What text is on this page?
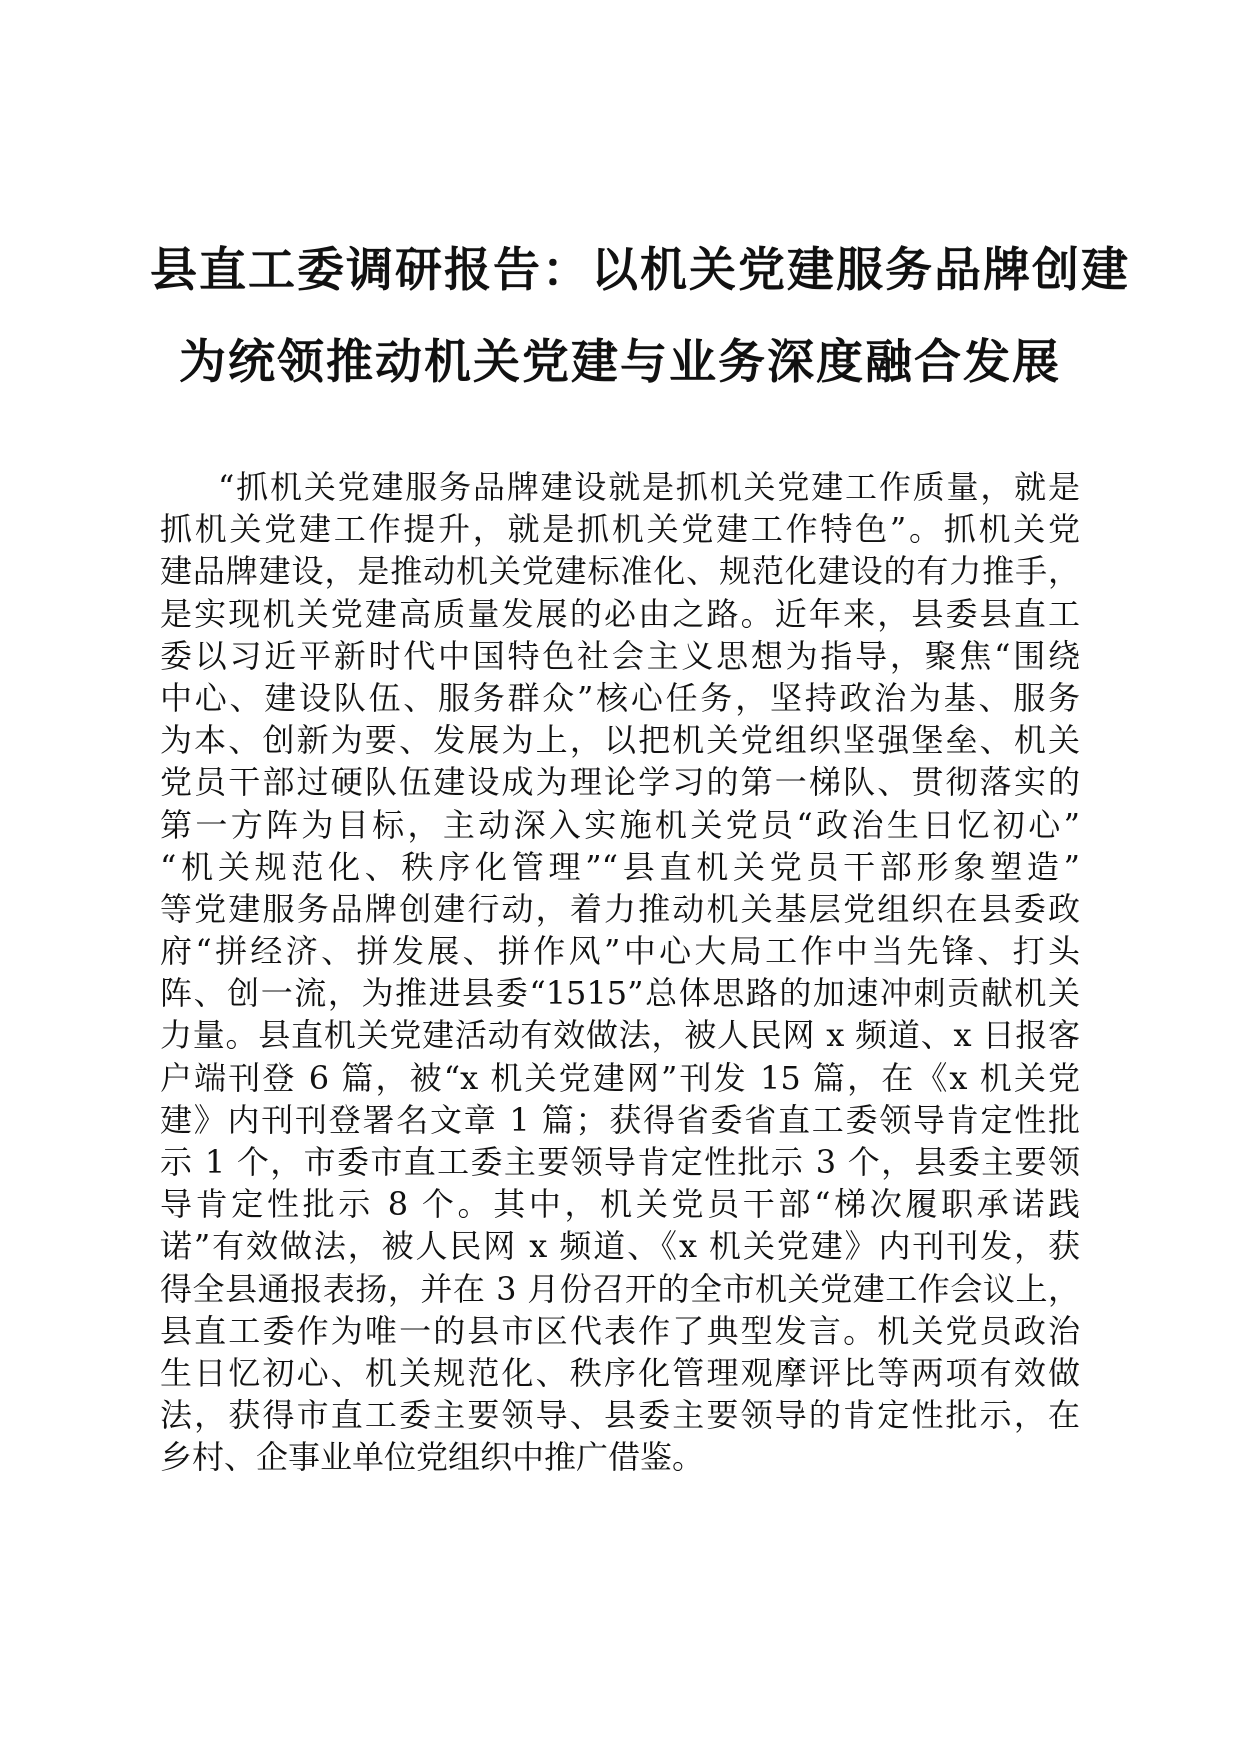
县直工委调研报告：以机关党建服务品牌创建
为统领推动机关党建与业务深度融合发展
“抓机关党建服务品牌建设就是抓机关党建工作质量，就是
抓机关党建工作提升，就是抓机关党建工作特色”。抓机关党
建品牌建设，是推动机关党建标准化、规范化建设的有力推手，
是实现机关党建高质量发展的必由之路。近年来，县委县直工
委以习近平新时代中国特色社会主义思想为指导，聚焦“围绕
中心、建设队伍、服务群众”核心任务，坚持政治为基、服务
为本、创新为要、发展为上，以把机关党组织坚强堡垒、机关
党员干部过硬队伍建设成为理论学习的第一梯队、贯彻落实的
第一方阵为目标，主动深入实施机关党员“政治生日忆初心”
“机关规范化、秩序化管理”“县直机关党员干部形象塑造”
等党建服务品牌创建行动，着力推动机关基层党组织在县委政
府“拼经济、拼发展、拼作风”中心大局工作中当先锋、打头
阵、创一流，为推进县委“1515”总体思路的加速冲刺贡献机关
力量。县直机关党建活动有效做法，被人民网 x 频道、x 日报客
户端刊登 6 篇，被“x 机关党建网”刊发 15 篇，在《x 机关党
建》内刊刊登署名文章 1 篇；获得省委省直工委领导肯定性批
示 1 个，市委市直工委主要领导肯定性批示 3 个，县委主要领
导肯定性批示 8 个。其中，机关党员干部“梯次履职承诺践
诺”有效做法，被人民网 x 频道、《x 机关党建》内刊刊发，获
得全县通报表扬，并在 3 月份召开的全市机关党建工作会议上，
县直工委作为唯一的县市区代表作了典型发言。机关党员政治
生日忆初心、机关规范化、秩序化管理观摩评比等两项有效做
法，获得市直工委主要领导、县委主要领导的肯定性批示，在
乡村、企事业单位党组织中推广借鉴。
